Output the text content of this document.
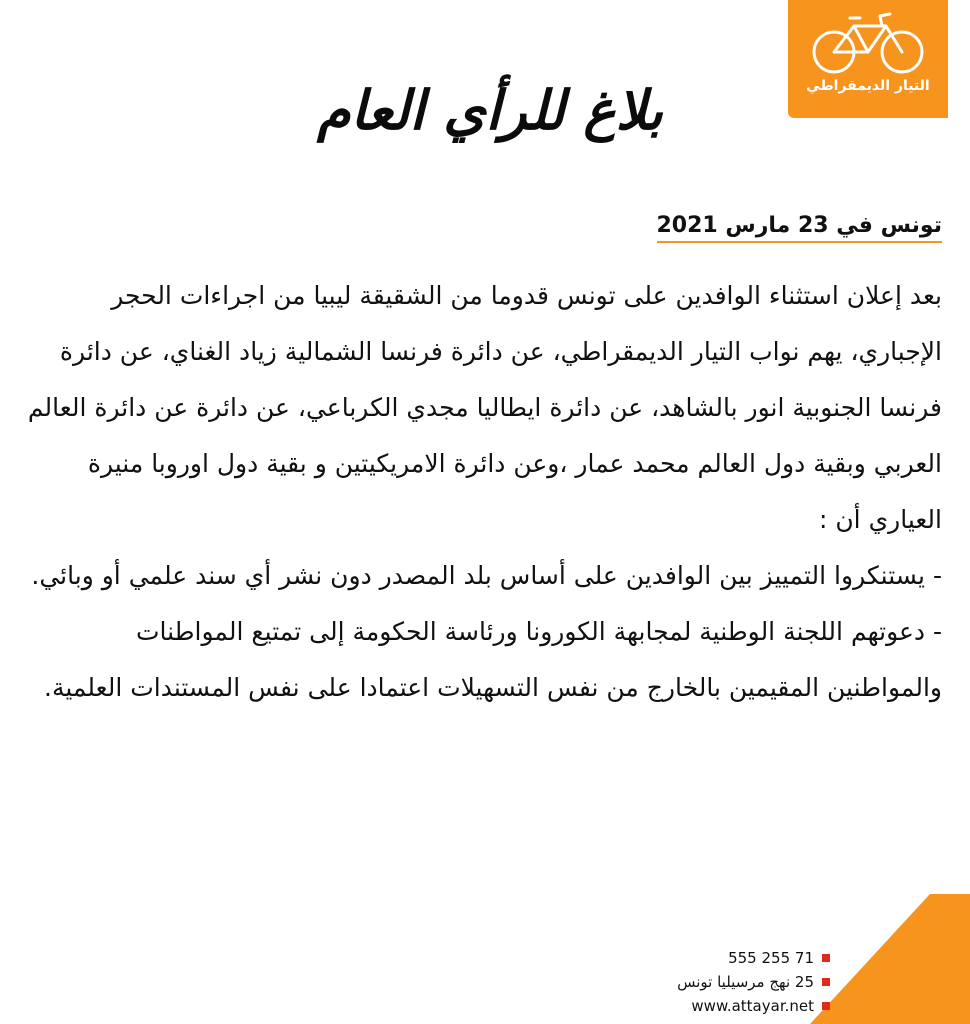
التيار الديمقراطي
بلاغ للرأي العام
تونس في 23 مارس 2021

بعد إعلان استثناء الوافدين على تونس قدوما من الشقيقة ليبيا من اجراءات الحجر الإجباري، يهم نواب التيار الديمقراطي، عن دائرة فرنسا الشمالية زياد الغناي، عن دائرة فرنسا الجنوبية انور بالشاهد، عن دائرة ايطاليا مجدي الكرباعي، عن دائرة عن دائرة العالم العربي وبقية دول العالم محمد عمار ،وعن دائرة الامريكيتين و بقية دول اوروبا منيرة العياري أن :

- يستنكروا التمييز بين الوافدين على أساس بلد المصدر دون نشر أي سند علمي أو وبائي.

- دعوتهم اللجنة الوطنية لمجابهة الكورونا ورئاسة الحكومة إلى تمتيع المواطنات والمواطنين المقيمين بالخارج من نفس التسهيلات اعتمادا على نفس المستندات العلمية.

71 255 555
25 نهج مرسيليا تونس
www.attayar.net
